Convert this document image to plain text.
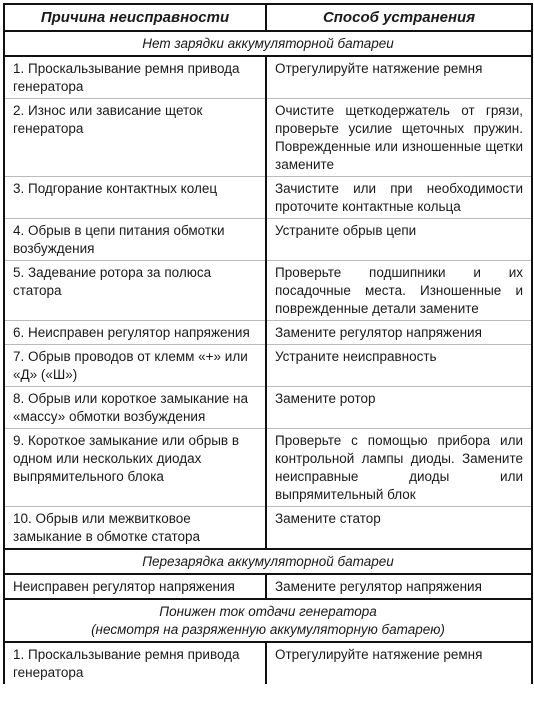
Причина неисправности	Способ устранения

Нет зарядки аккумуляторной батареи	

1. Проскальзывание ремня привода генератора	Отрегулируйте натяжение ремня
2. Износ или зависание щеток генератора	Очистите щеткодержатель от грязи, проверьте усилие щеточных пружин. Поврежденные или изношенные щетки замените
3. Подгорание контактных колец	Зачистите или при необходимости проточите контактные кольца
4. Обрыв в цепи питания обмотки возбуждения	Устраните обрыв цепи
5. Задевание ротора за полюса статора	Проверьте подшипники и их посадочные места. Изношенные и поврежденные детали замените
6. Неисправен регулятор напряжения	Замените регулятор напряжения
7. Обрыв проводов от клемм «+» или «Д» («Ш»)	Устраните неисправность
8. Обрыв или короткое замыкание на «массу» обмотки возбуждения	Замените ротор
9. Короткое замыкание или обрыв в одном или нескольких диодах выпрямительного блока	Проверьте с помощью прибора или контрольной лампы диоды. Замените неисправные диоды или выпрямительный блок
10. Обрыв или межвитковое замыкание в обмотке статора	Замените статор

Перезарядка аккумуляторной батареи	

Неисправен регулятор напряжения	Замените регулятор напряжения

Понижен ток отдачи генератора
(несмотря на разряженную аккумуляторную батарею)	

1. Проскальзывание ремня привода генератора	Отрегулируйте натяжение ремня
